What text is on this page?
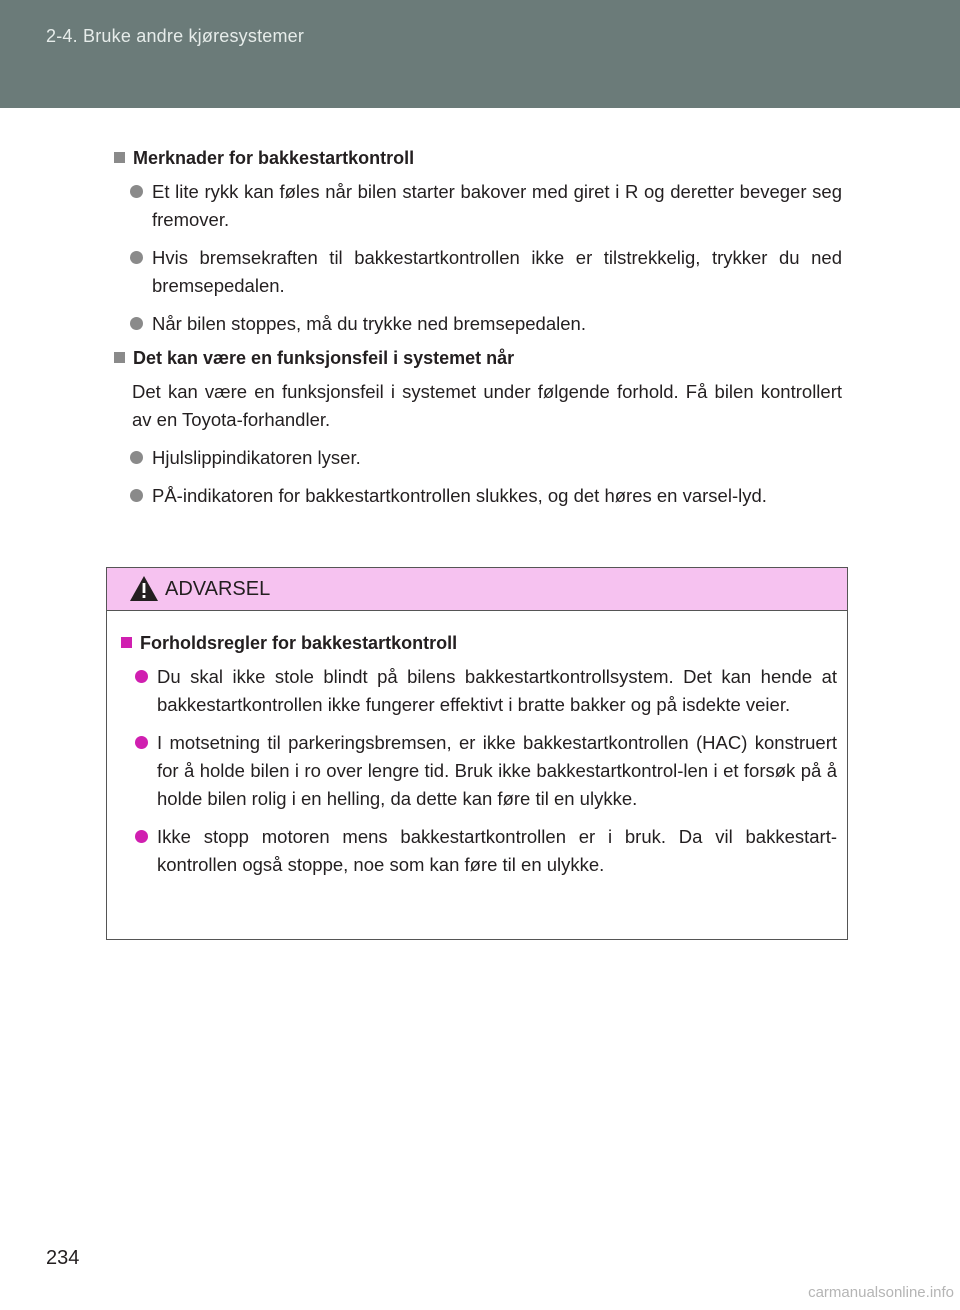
2-4. Bruke andre kjøresystemer
Merknader for bakkestartkontroll
Et lite rykk kan føles når bilen starter bakover med giret i R og deretter beveger seg fremover.
Hvis bremsekraften til bakkestartkontrollen ikke er tilstrekkelig, trykker du ned bremsepedalen.
Når bilen stoppes, må du trykke ned bremsepedalen.
Det kan være en funksjonsfeil i systemet når
Det kan være en funksjonsfeil i systemet under følgende forhold. Få bilen kontrollert av en Toyota-forhandler.
Hjulslippindikatoren lyser.
PÅ-indikatoren for bakkestartkontrollen slukkes, og det høres en varsel-lyd.
ADVARSEL
Forholdsregler for bakkestartkontroll
Du skal ikke stole blindt på bilens bakkestartkontrollsystem. Det kan hende at bakkestartkontrollen ikke fungerer effektivt i bratte bakker og på isdekte veier.
I motsetning til parkeringsbremsen, er ikke bakkestartkontrollen (HAC) konstruert for å holde bilen i ro over lengre tid. Bruk ikke bakkestartkontrol-len i et forsøk på å holde bilen rolig i en helling, da dette kan føre til en ulykke.
Ikke stopp motoren mens bakkestartkontrollen er i bruk. Da vil bakkestart-kontrollen også stoppe, noe som kan føre til en ulykke.
234
carmanualsonline.info
